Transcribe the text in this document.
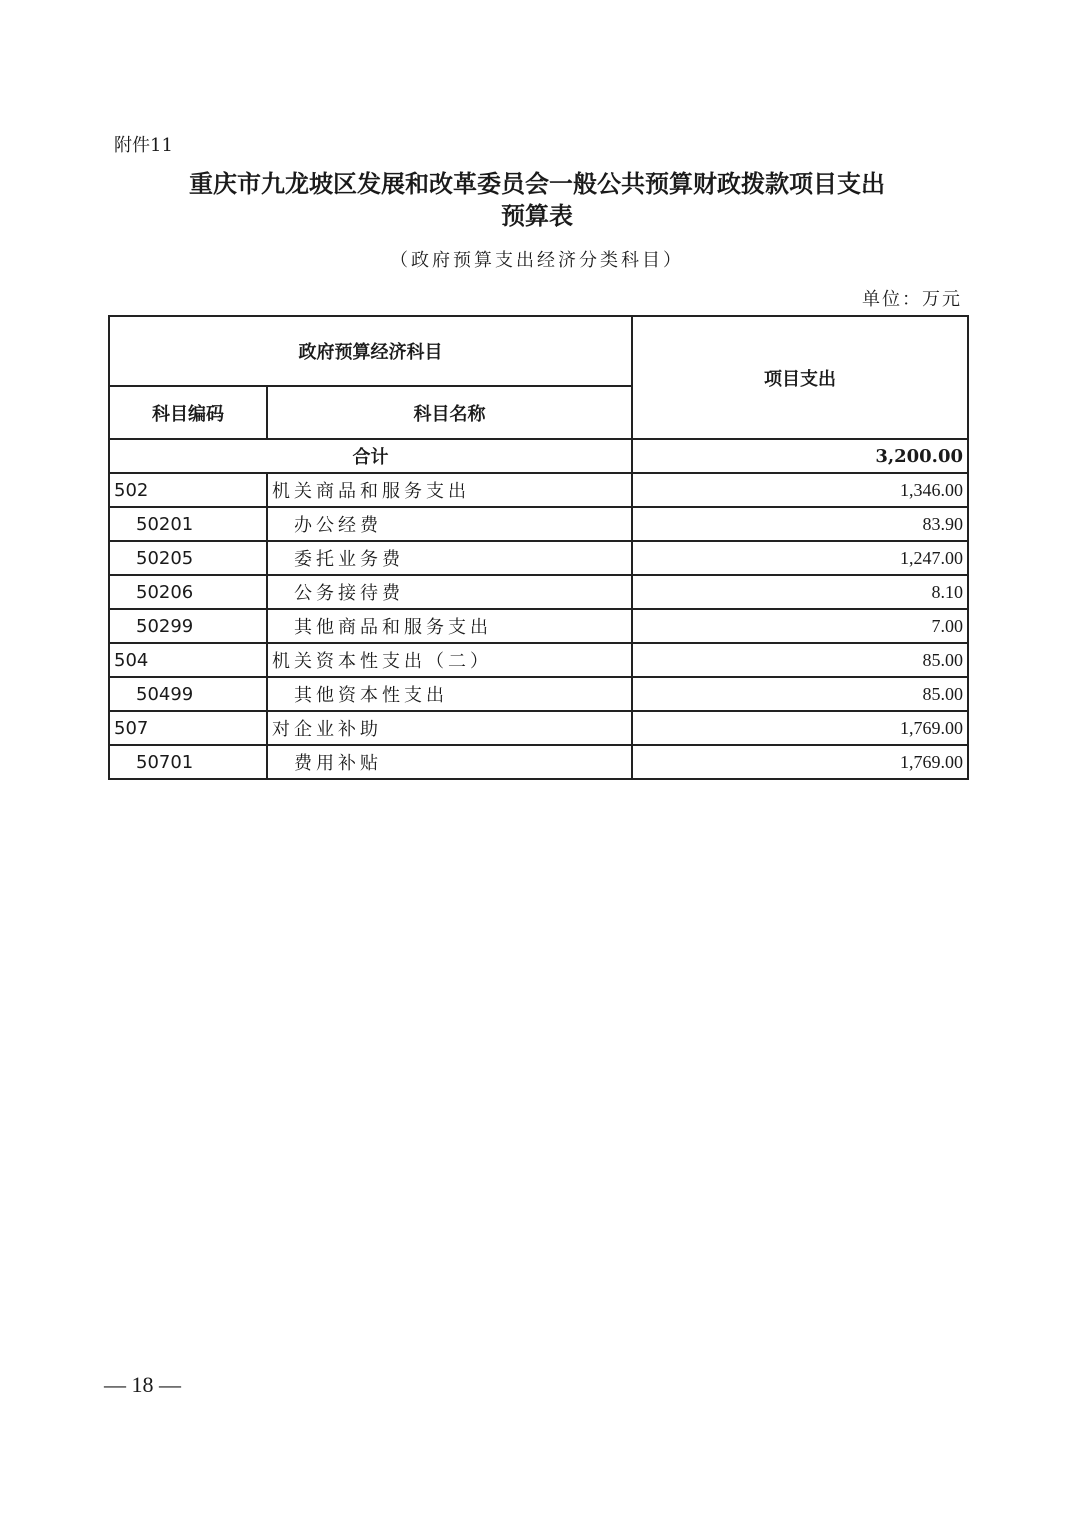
附件11
重庆市九龙坡区发展和改革委员会一般公共预算财政拨款项目支出
预算表
（政府预算支出经济分类科目）
单位：万元
政府预算经济科目		项目支出
科目编码	科目名称	
合计		3,200.00
502	机关商品和服务支出	1,346.00
50201	办公经费	83.90
50205	委托业务费	1,247.00
50206	公务接待费	8.10
50299	其他商品和服务支出	7.00
504	机关资本性支出（二）	85.00
50499	其他资本性支出	85.00
507	对企业补助	1,769.00
50701	费用补贴	1,769.00
— 18 —
